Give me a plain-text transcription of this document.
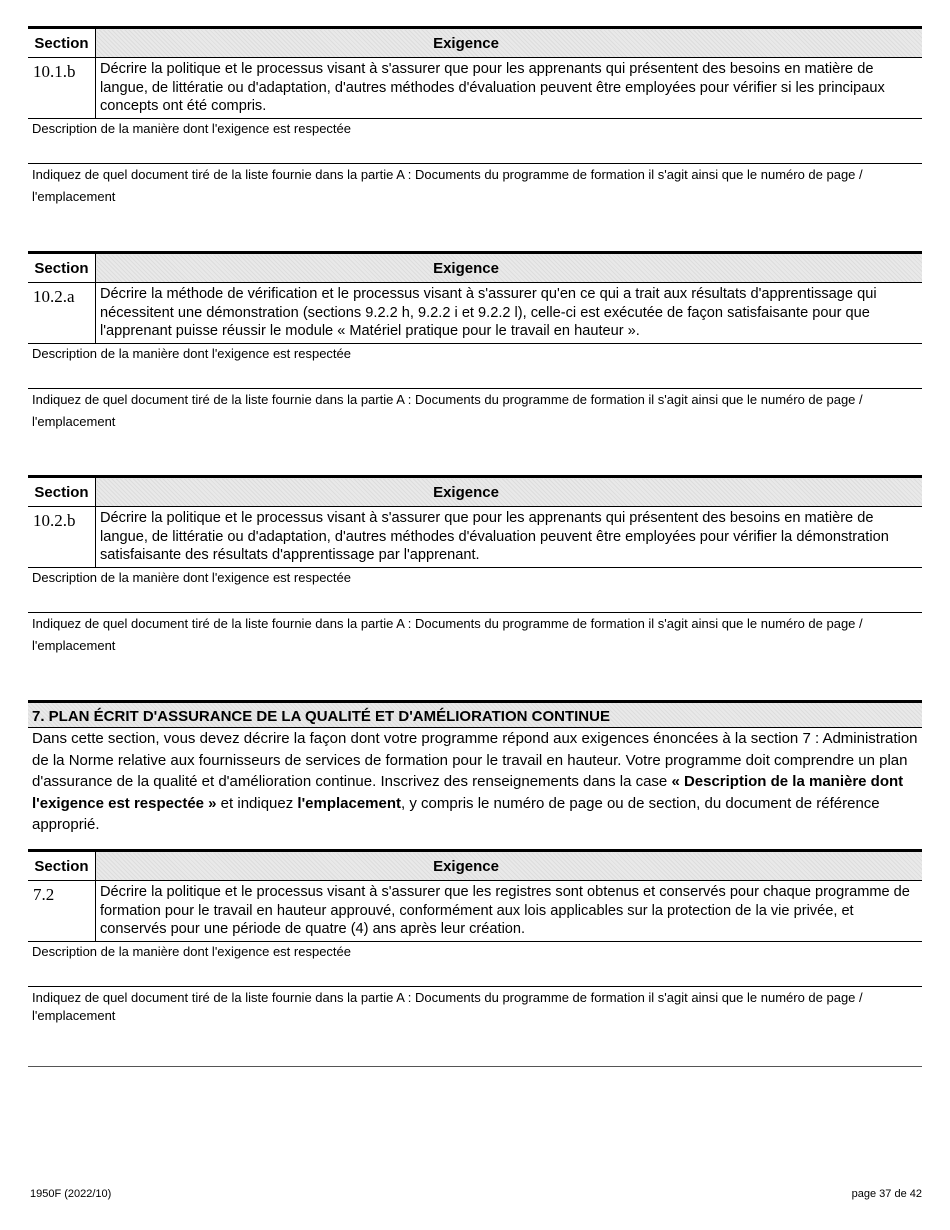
Section	Exigence
10.1.b	Décrire la politique et le processus visant à s'assurer que pour les apprenants qui présentent des besoins en matière de langue, de littératie ou d'adaptation, d'autres méthodes d'évaluation peuvent être employées pour vérifier si les principaux concepts ont été compris.
Description de la manière dont l'exigence est respectée
Indiquez de quel document tiré de la liste fournie dans la partie A : Documents du programme de formation il s'agit ainsi que le numéro de page / l'emplacement
Section	Exigence
10.2.a	Décrire la méthode de vérification et le processus visant à s'assurer qu'en ce qui a trait aux résultats d'apprentissage qui nécessitent une démonstration (sections 9.2.2 h, 9.2.2 i et 9.2.2 l), celle-ci est exécutée de façon satisfaisante pour que l'apprenant puisse réussir le module « Matériel pratique pour le travail en hauteur ».
Description de la manière dont l'exigence est respectée
Indiquez de quel document tiré de la liste fournie dans la partie A : Documents du programme de formation il s'agit ainsi que le numéro de page / l'emplacement
Section	Exigence
10.2.b	Décrire la politique et le processus visant à s'assurer que pour les apprenants qui présentent des besoins en matière de langue, de littératie ou d'adaptation, d'autres méthodes d'évaluation peuvent être employées pour vérifier la démonstration satisfaisante des résultats d'apprentissage par l'apprenant.
Description de la manière dont l'exigence est respectée
Indiquez de quel document tiré de la liste fournie dans la partie A : Documents du programme de formation il s'agit ainsi que le numéro de page / l'emplacement
7. PLAN ÉCRIT D'ASSURANCE DE LA QUALITÉ ET D'AMÉLIORATION CONTINUE
Dans cette section, vous devez décrire la façon dont votre programme répond aux exigences énoncées à la section 7 : Administration de la Norme relative aux fournisseurs de services de formation pour le travail en hauteur. Votre programme doit comprendre un plan d'assurance de la qualité et d'amélioration continue. Inscrivez des renseignements dans la case « Description de la manière dont l'exigence est respectée » et indiquez l'emplacement, y compris le numéro de page ou de section, du document de référence approprié.
Section	Exigence
7.2	Décrire la politique et le processus visant à s'assurer que les registres sont obtenus et conservés pour chaque programme de formation pour le travail en hauteur approuvé, conformément aux lois applicables sur la protection de la vie privée, et conservés pour une période de quatre (4) ans après leur création.
Description de la manière dont l'exigence est respectée
Indiquez de quel document tiré de la liste fournie dans la partie A : Documents du programme de formation il s'agit ainsi que le numéro de page / l'emplacement
1950F (2022/10)	page 37 de 42
